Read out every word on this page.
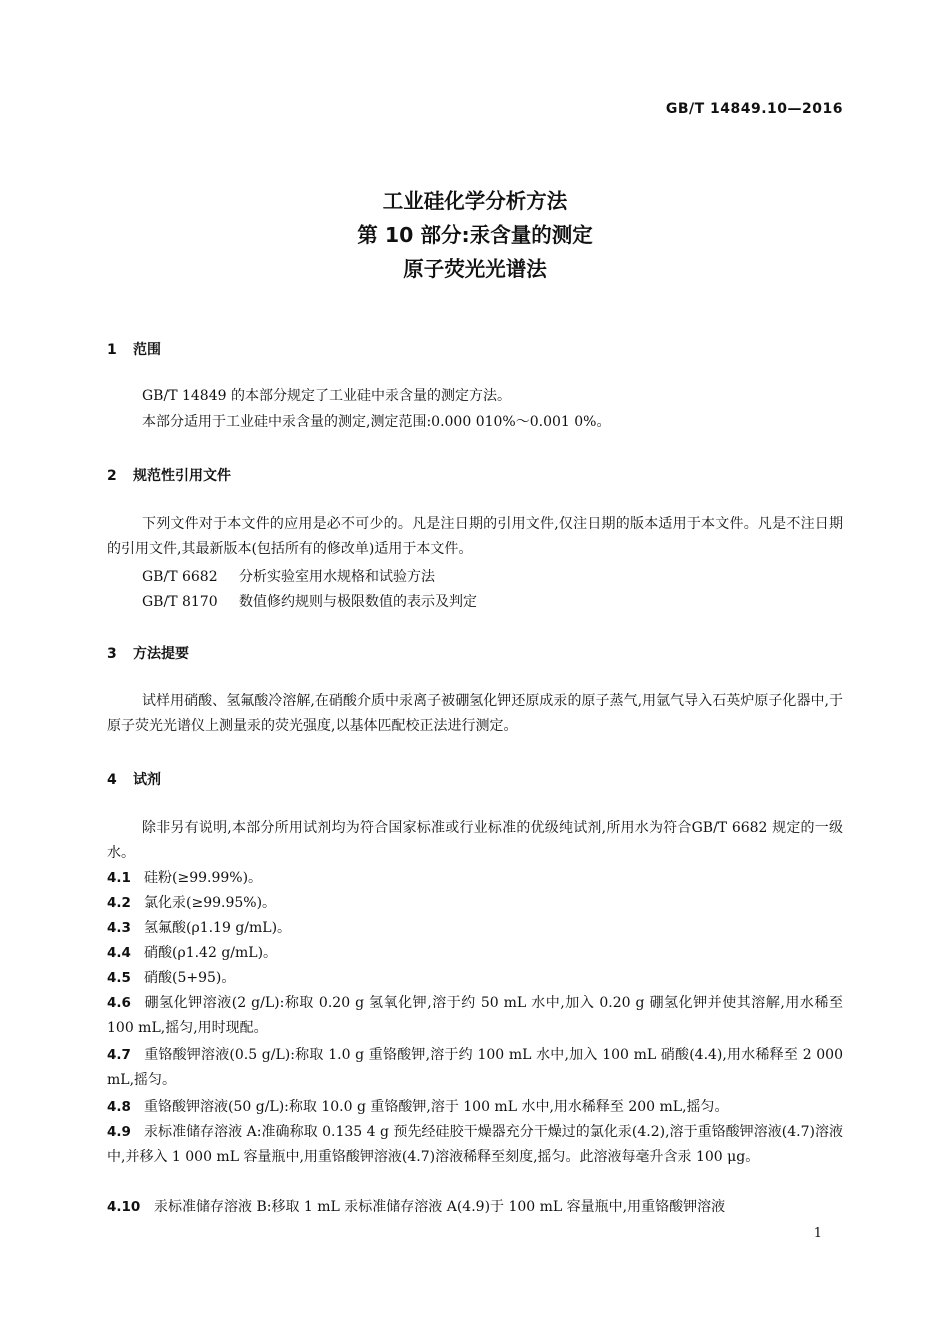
GB/T 14849.10—2016
工业硅化学分析方法
第 10 部分:汞含量的测定
原子荧光光谱法
1 范围
GB/T 14849 的本部分规定了工业硅中汞含量的测定方法。
本部分适用于工业硅中汞含量的测定,测定范围:0.000 010%～0.001 0%。
2 规范性引用文件
下列文件对于本文件的应用是必不可少的。凡是注日期的引用文件,仅注日期的版本适用于本文件。凡是不注日期的引用文件,其最新版本(包括所有的修改单)适用于本文件。
GB/T 6682 分析实验室用水规格和试验方法
GB/T 8170 数值修约规则与极限数值的表示及判定
3 方法提要
试样用硝酸、氢氟酸冷溶解,在硝酸介质中汞离子被硼氢化钾还原成汞的原子蒸气,用氩气导入石英炉原子化器中,于原子荧光光谱仪上测量汞的荧光强度,以基体匹配校正法进行测定。
4 试剂
除非另有说明,本部分所用试剂均为符合国家标准或行业标准的优级纯试剂,所用水为符合GB/T 6682 规定的一级水。
4.1 硅粉(≥99.99%)。
4.2 氯化汞(≥99.95%)。
4.3 氢氟酸(ρ1.19 g/mL)。
4.4 硝酸(ρ1.42 g/mL)。
4.5 硝酸(5+95)。
4.6 硼氢化钾溶液(2 g/L):称取 0.20 g 氢氧化钾,溶于约 50 mL 水中,加入 0.20 g 硼氢化钾并使其溶解,用水稀至 100 mL,摇匀,用时现配。
4.7 重铬酸钾溶液(0.5 g/L):称取 1.0 g 重铬酸钾,溶于约 100 mL 水中,加入 100 mL 硝酸(4.4),用水稀释至 2 000 mL,摇匀。
4.8 重铬酸钾溶液(50 g/L):称取 10.0 g 重铬酸钾,溶于 100 mL 水中,用水稀释至 200 mL,摇匀。
4.9 汞标准储存溶液 A:准确称取 0.135 4 g 预先经硅胶干燥器充分干燥过的氯化汞(4.2),溶于重铬酸钾溶液(4.7)溶液中,并移入 1 000 mL 容量瓶中,用重铬酸钾溶液(4.7)溶液稀释至刻度,摇匀。此溶液每毫升含汞 100 μg。
4.10 汞标准储存溶液 B:移取 1 mL 汞标准储存溶液 A(4.9)于 100 mL 容量瓶中,用重铬酸钾溶液
1
